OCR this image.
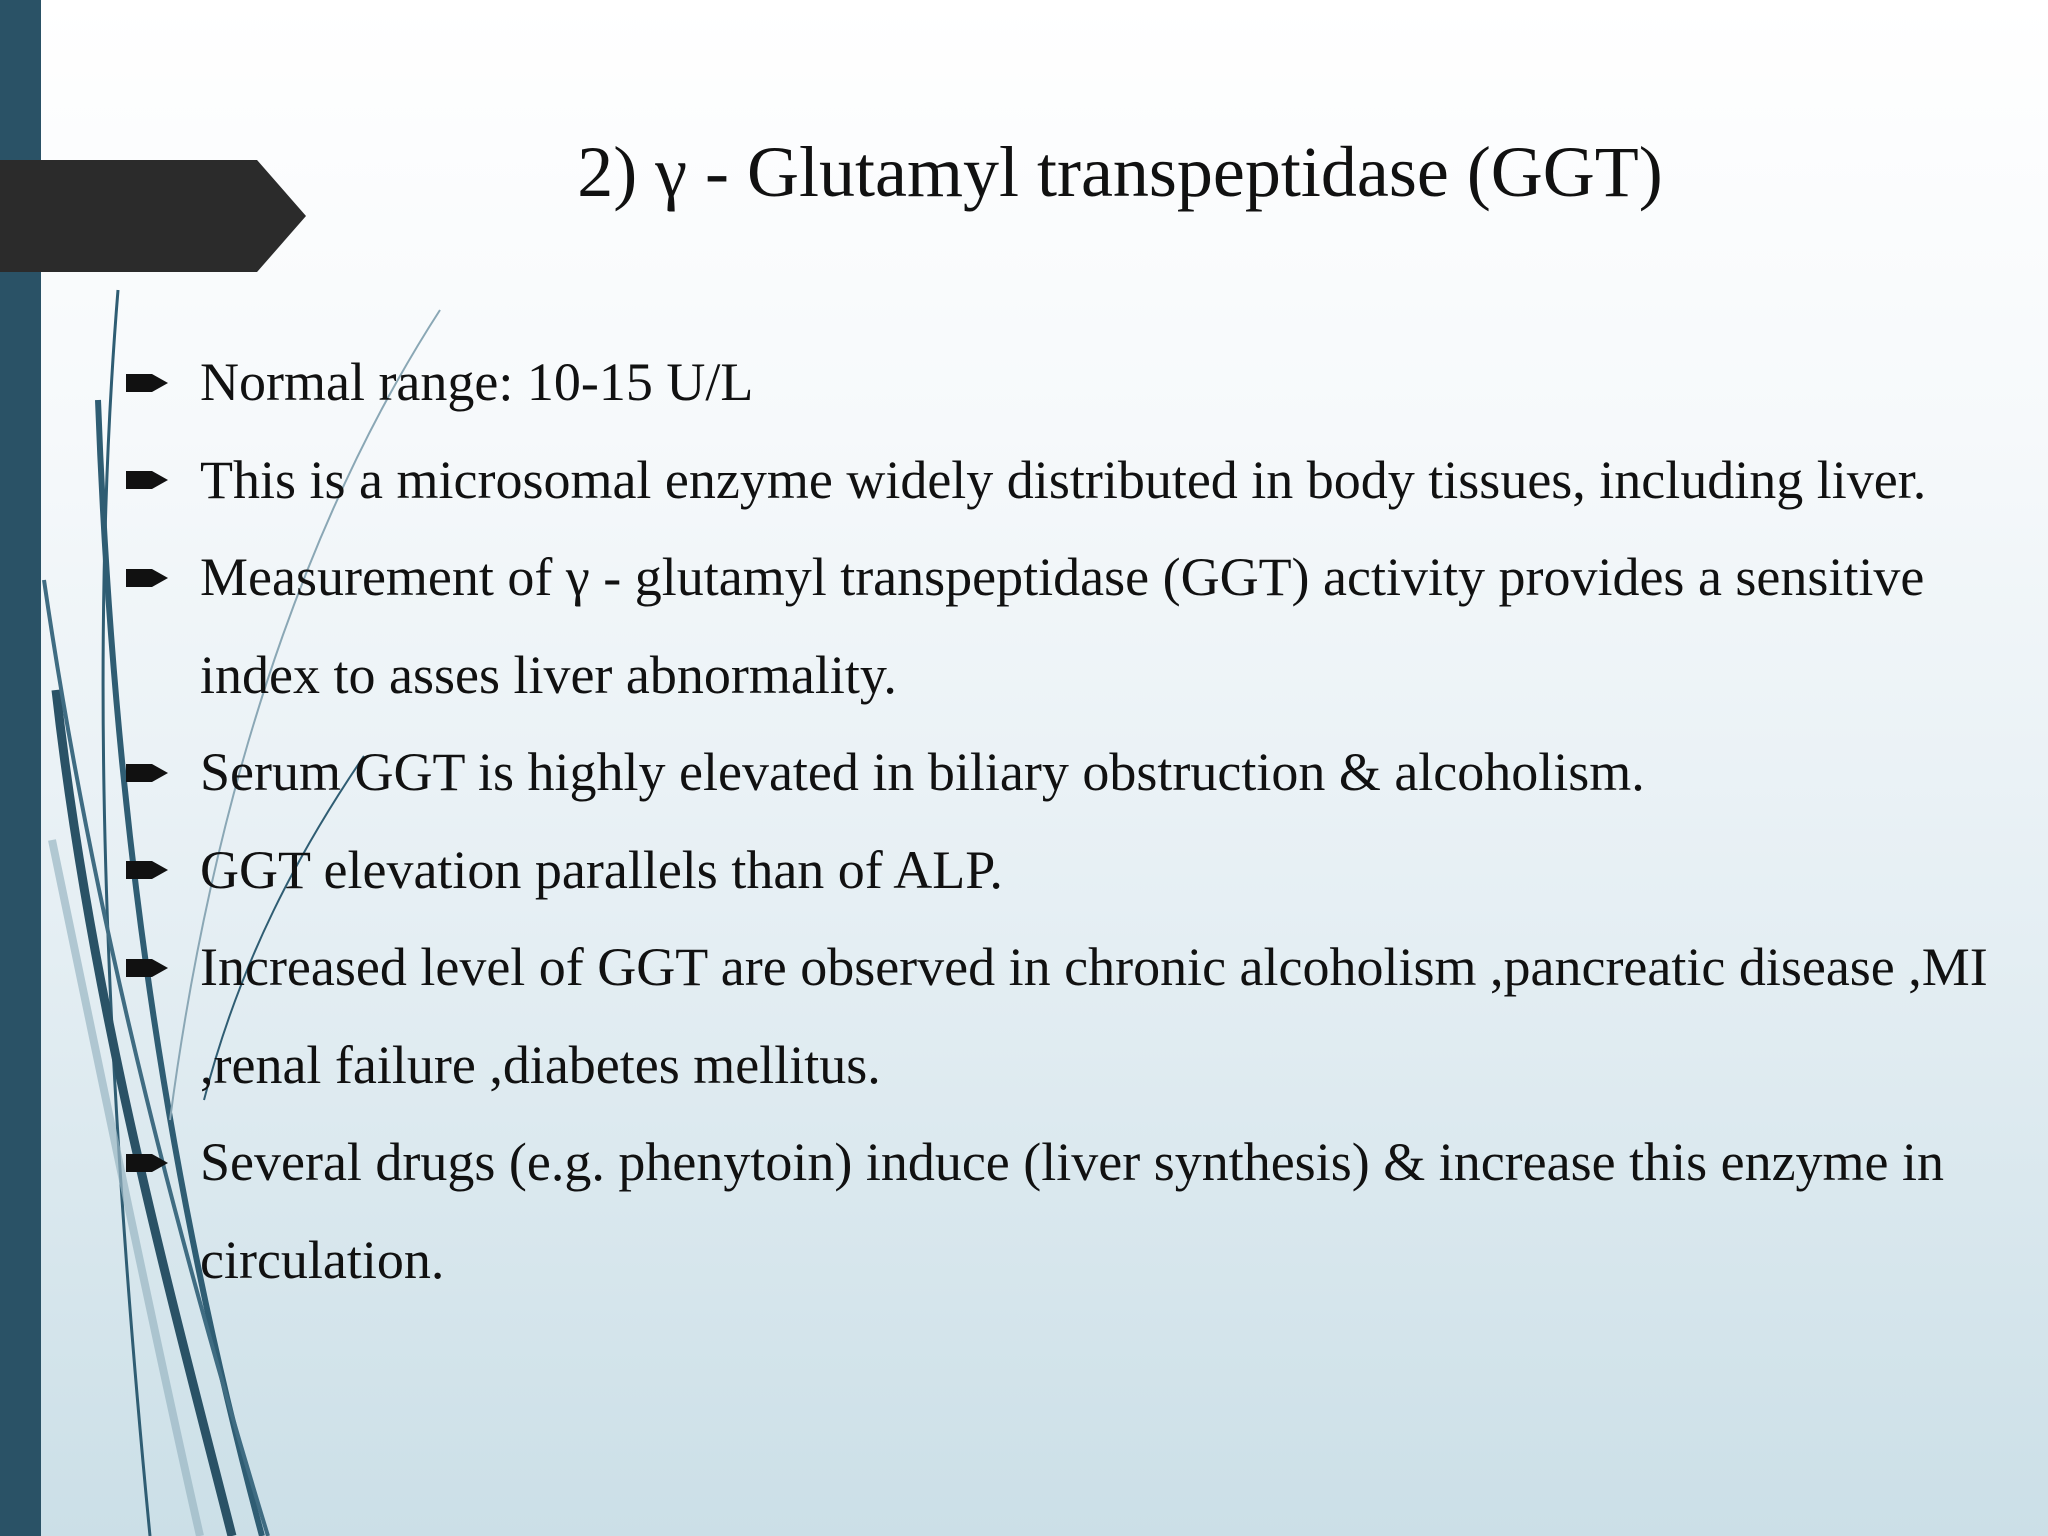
2) γ - Glutamyl transpeptidase (GGT)
Normal range: 10-15 U/L
This is a microsomal enzyme widely distributed in body tissues, including liver.
Measurement of γ - glutamyl transpeptidase (GGT) activity provides a sensitive index to asses liver abnormality.
Serum GGT is highly elevated in biliary obstruction & alcoholism.
GGT elevation parallels than of ALP.
Increased level of GGT are observed in chronic alcoholism ,pancreatic disease ,MI ,renal failure ,diabetes mellitus.
Several drugs (e.g. phenytoin) induce (liver synthesis) & increase this enzyme in circulation.
